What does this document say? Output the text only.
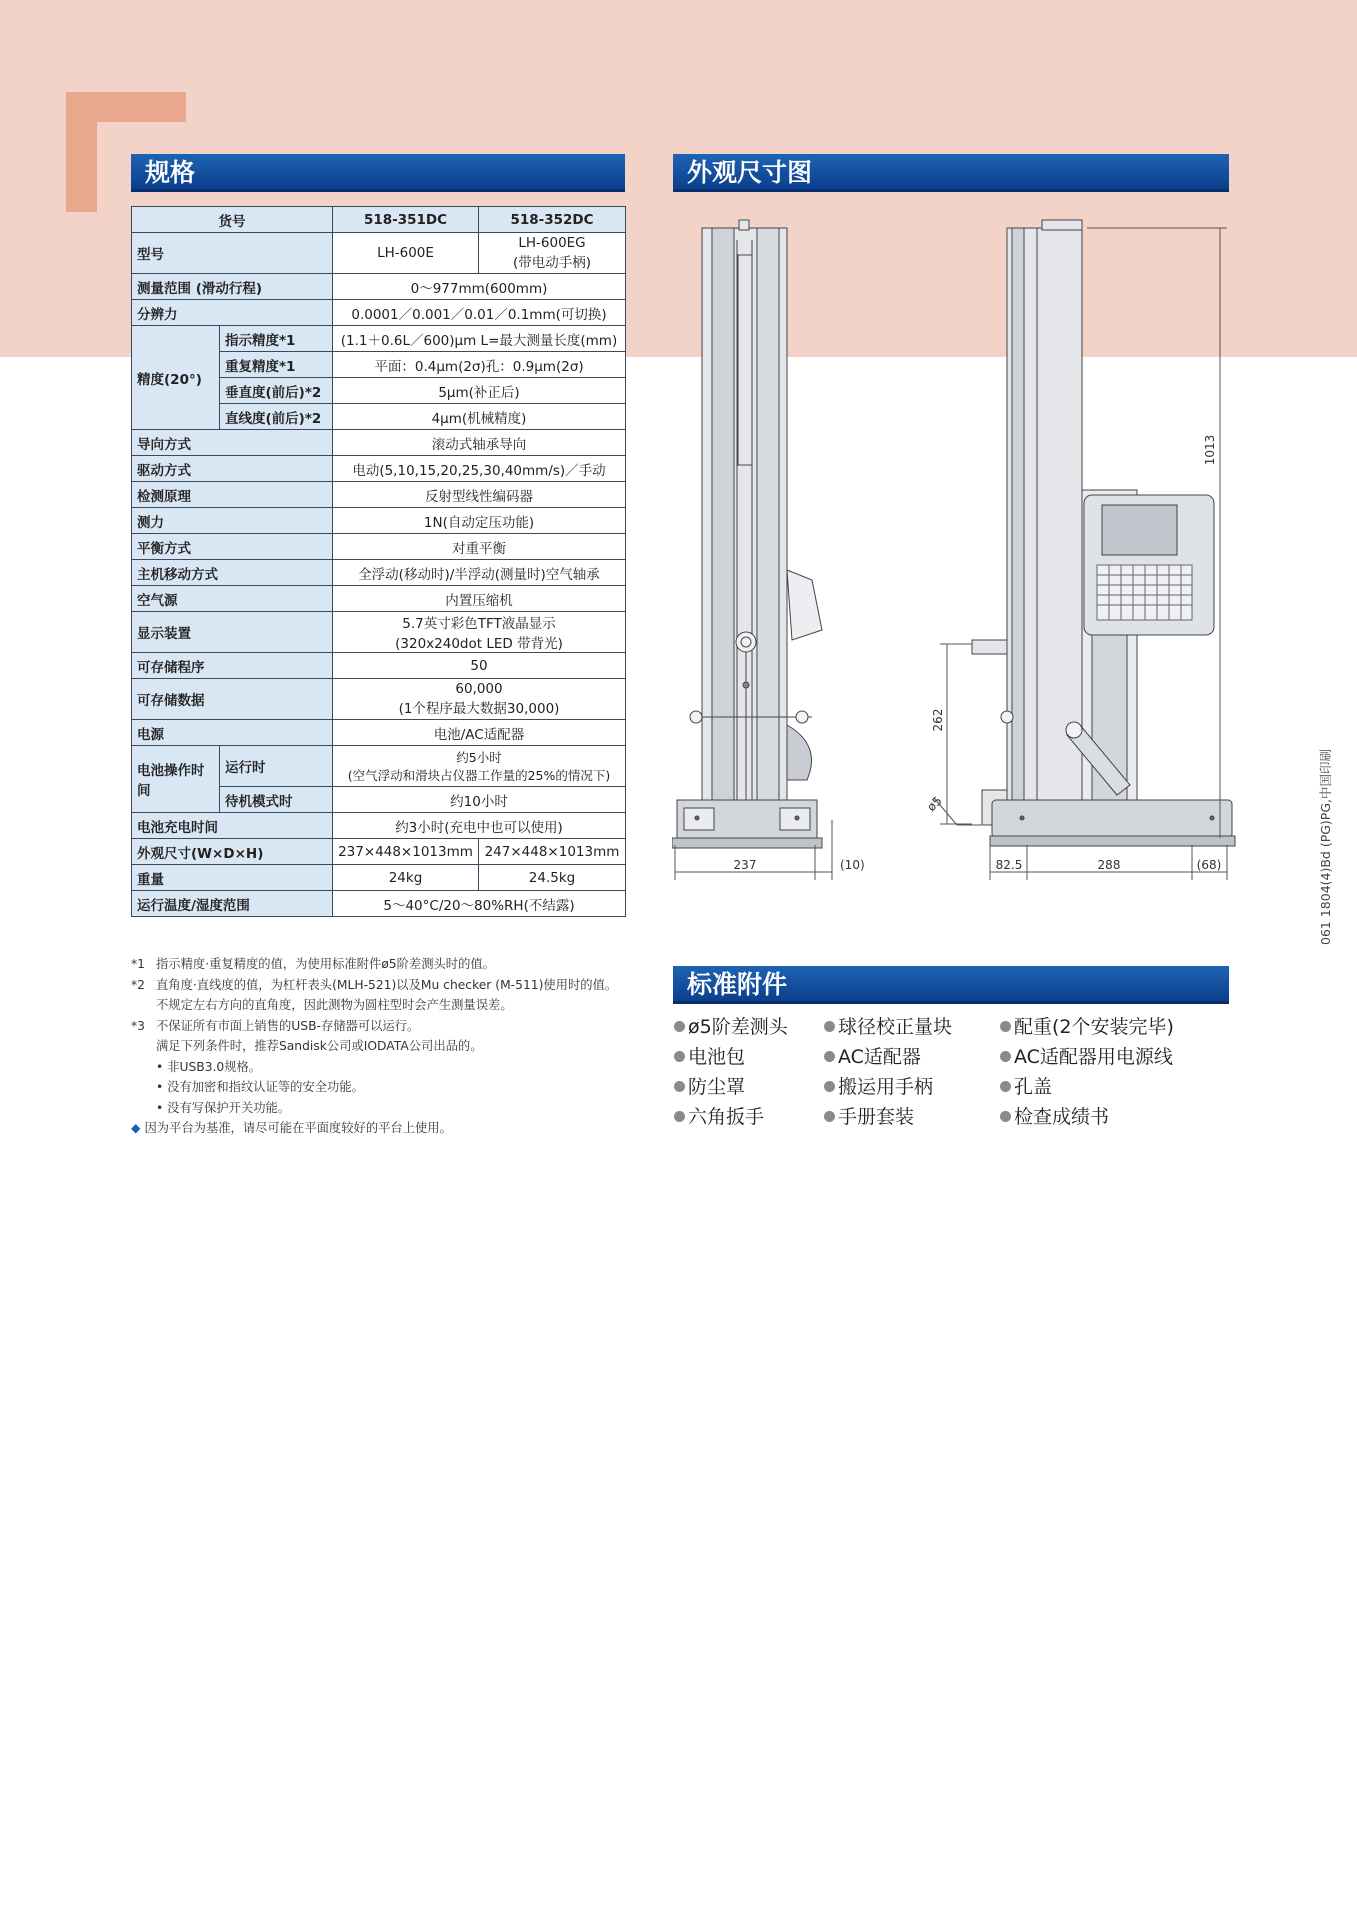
规格	外观尺寸图
货号		518-351DC	518-352DC
型号		LH-600E	LH-600EG
(带电动手柄)

测量范围 (滑动行程)		0～977mm(600mm)	
分辨力		0.0001／0.001／0.01／0.1mm(可切换)	
精度(20°)	指示精度*1	(1.1＋0.6L／600)μm L=最大测量长度(mm)	
	重复精度*1	平面：0.4μm(2σ)孔：0.9μm(2σ)	
	垂直度(前后)*2	5μm(补正后)	
	直线度(前后)*2	4μm(机械精度)	
导向方式		滚动式轴承导向	
驱动方式		电动(5,10,15,20,25,30,40mm/s)／手动	
检测原理		反射型线性编码器	
测力		1N(自动定压功能)	
平衡方式		对重平衡	
主机移动方式		全浮动(移动时)/半浮动(测量时)空气轴承	
空气源		内置压缩机	
显示装置		5.7英寸彩色TFT液晶显示
(320x240dot LED 带背光)	

可存储程序		50	
可存储数据		60,000
(1个程序最大数据30,000)	

电源		电池/AC适配器	
电池操作时间	运行时	约5小时
(空气浮动和滑块占仪器工作量的25%的情况下)	

	待机模式时	约10小时	
电池充电时间		约3小时(充电中也可以使用)	
外观尺寸(W×D×H)		237×448×1013mm	247×448×1013mm
重量		24kg	24.5kg
运行温度/湿度范围		5～40°C/20～80%RH(不结露)	
*1 指示精度·重复精度的值，为使用标准附件ø5阶差测头时的值。
*2 直角度·直线度的值，为杠杆表头(MLH-521)以及Mu checker (M-511)使用时的值。
不规定左右方向的直角度，因此测物为圆柱型时会产生测量误差。
*3 不保证所有市面上销售的USB-存储器可以运行。
满足下列条件时，推荐Sandisk公司或IODATA公司出品的。
• 非USB3.0规格。
• 没有加密和指纹认证等的安全功能。
• 没有写保护开关功能。
◆ 因为平台为基准，请尽可能在平面度较好的平台上使用。
237	(10)
1013
262
ø5
82.5	288	(68)
标准附件
ø5阶差测头	球径校正量块	配重(2个安装完毕)
电池包	AC适配器	AC适配器用电源线
防尘罩	搬运用手柄	孔盖
六角扳手	手册套装	检查成绩书
061 1804(4)Bd (PG)PG,中国印刷
